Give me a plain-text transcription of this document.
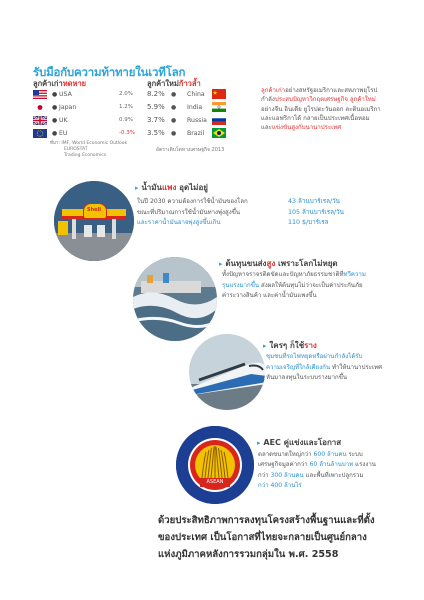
รับมือกับความท้าทายในเวทีโลก
ลูกค้าเก่าหดหาย	ลูกค้าใหม่ก้าวล้ำ
● USA	2.0%
● Japan	1.2%
● UK	0.9%
● EU	-0.3%
8.2% ● China
5.9% ● India
3.7% ● Russia
3.5% ● Brazil
ลูกค้าเก่าอย่างสหรัฐอเมริกาและสหภาพยุโรป
กำลังประสบปัญหาวิกฤตเศรษฐกิจ ลูกค้าใหม่
อย่างจีน อินเดีย ยูโรปตะวันออก ละตินอเมริกา
และแอฟริกาได้ กลายเป็นประเทศเนื้อหอม
และแข่งขันสูงกับนานาประเทศ
ที่มา: IMF, World Economic Outlook
EUROSTAT
Trading Economics
อัตราเติบโตทางเศรษฐกิจ 2013
Shell
▸ น้ำมันแพง อุดไม่อยู่
ในปี 2030 ความต้องการใช้น้ำมันของโลก
ขณะที่ปริมาณการใช้น้ำมันทางพุ่งสูงขึ้น
และราคาน้ำมันอาจพุ่งสูงขึ้นเกิน
43 ล้านบาร์เรล/วัน
105 ล้านบาร์เรล/วัน
110 $/บาร์เรล
▸ ต้นทุนขนส่งสูง เพราะโลกไม่หยุด
ทั้งปัญหาจราจรติดขัดและปัญหาภัยธรรมชาติที่ทวีความ
รุนแรงมากขึ้น ส่งผลให้ต้นทุนไม่ว่าจะเป็นค่าประกันภัย
ค่าระวางสินค้า และค่าน้ำมันแพงขึ้น
▸ ใครๆ ก็ใช้ราง
ชุมชนที่รถไฟหยุดหรือผ่านกำลังได้รับ
ความเจริญที่ใกล้เคียงกัน ทำให้นานาประเทศ
หันมาลงทุนในระบบรางมากขึ้น
ASEAN
▸ AEC คู่แข่งและโอกาส
ตลาดขนาดใหญ่กว่า 600 ล้านคน ระบบ
เศรษฐกิจมูลค่ากว่า 60 ล้านล้านบาท แรงงาน
กว่า 300 ล้านคน และพื้นที่เพาะปลูกรวม
กว่า 400 ล้านไร่
ด้วยประสิทธิภาพการลงทุนโครงสร้างพื้นฐานและที่ตั้ง
ของประเทศ เป็นโอกาสที่ไทยจะกลายเป็นศูนย์กลาง
แห่งภูมิภาคหลังการรวมกลุ่มใน พ.ศ. 2558
